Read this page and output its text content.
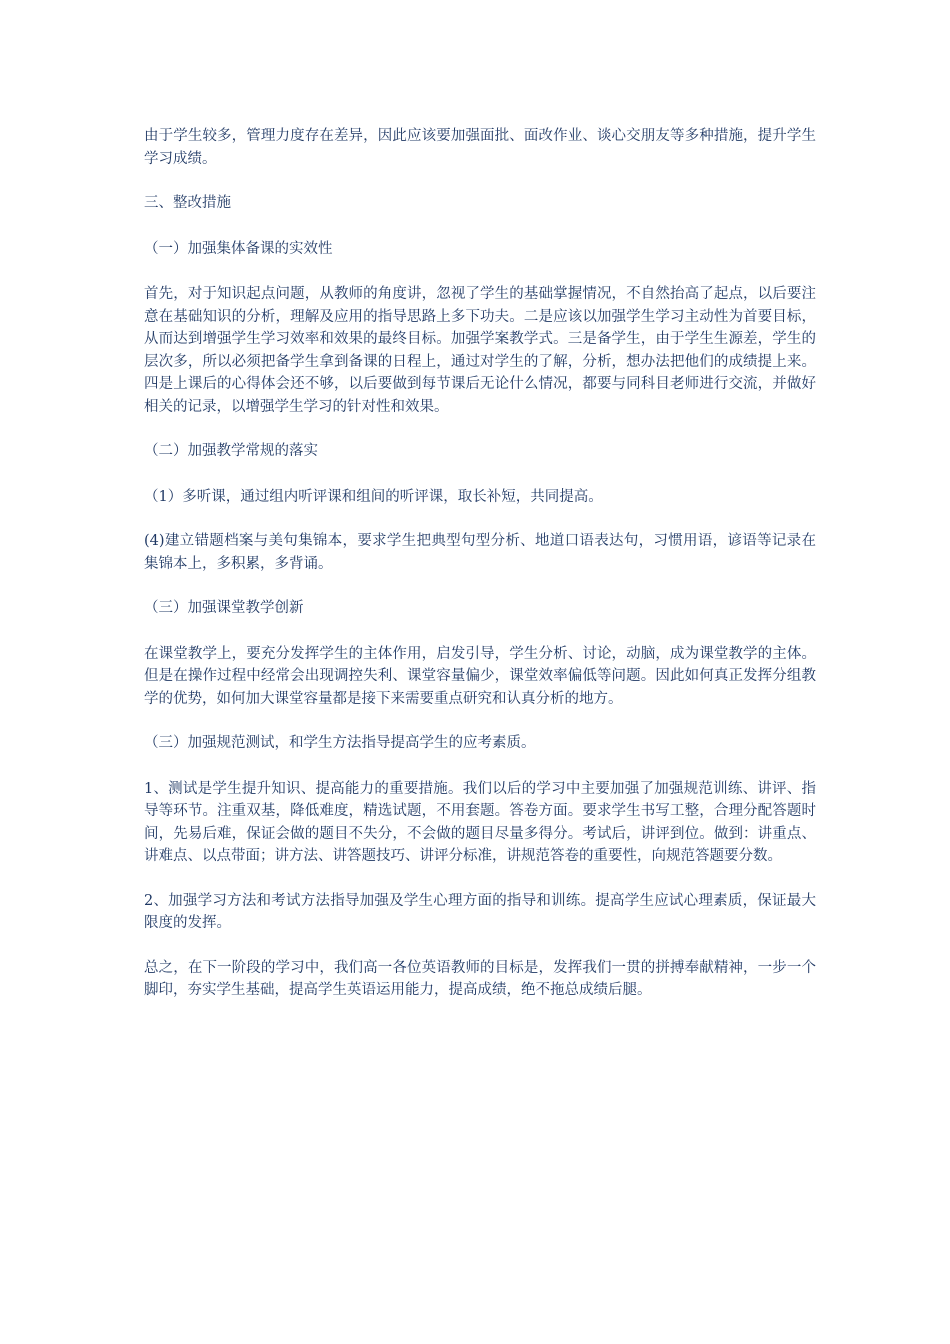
由于学生较多，管理力度存在差异，因此应该要加强面批、面改作业、谈心交朋友等多种措施，提升学生学习成绩。

三、整改措施

（一）加强集体备课的实效性

首先，对于知识起点问题，从教师的角度讲，忽视了学生的基础掌握情况，不自然抬高了起点，以后要注意在基础知识的分析，理解及应用的指导思路上多下功夫。二是应该以加强学生学习主动性为首要目标，从而达到增强学生学习效率和效果的最终目标。加强学案教学式。三是备学生，由于学生生源差，学生的层次多，所以必须把备学生拿到备课的日程上，通过对学生的了解，分析，想办法把他们的成绩提上来。四是上课后的心得体会还不够，以后要做到每节课后无论什么情况，都要与同科目老师进行交流，并做好相关的记录，以增强学生学习的针对性和效果。

（二）加强教学常规的落实

（1）多听课，通过组内听评课和组间的听评课，取长补短，共同提高。

(4)建立错题档案与美句集锦本，要求学生把典型句型分析、地道口语表达句，习惯用语，谚语等记录在集锦本上，多积累，多背诵。

（三）加强课堂教学创新

在课堂教学上，要充分发挥学生的主体作用，启发引导，学生分析、讨论，动脑，成为课堂教学的主体。但是在操作过程中经常会出现调控失利、课堂容量偏少，课堂效率偏低等问题。因此如何真正发挥分组教学的优势，如何加大课堂容量都是接下来需要重点研究和认真分析的地方。

（三）加强规范测试，和学生方法指导提高学生的应考素质。

1、测试是学生提升知识、提高能力的重要措施。我们以后的学习中主要加强了加强规范训练、讲评、指导等环节。注重双基，降低难度，精选试题，不用套题。答卷方面。要求学生书写工整，合理分配答题时间，先易后难，保证会做的题目不失分，不会做的题目尽量多得分。考试后，讲评到位。做到：讲重点、讲难点、以点带面；讲方法、讲答题技巧、讲评分标准，讲规范答卷的重要性，向规范答题要分数。

2、加强学习方法和考试方法指导加强及学生心理方面的指导和训练。提高学生应试心理素质，保证最大限度的发挥。

总之，在下一阶段的学习中，我们高一各位英语教师的目标是，发挥我们一贯的拼搏奉献精神，一步一个脚印，夯实学生基础，提高学生英语运用能力，提高成绩，绝不拖总成绩后腿。
